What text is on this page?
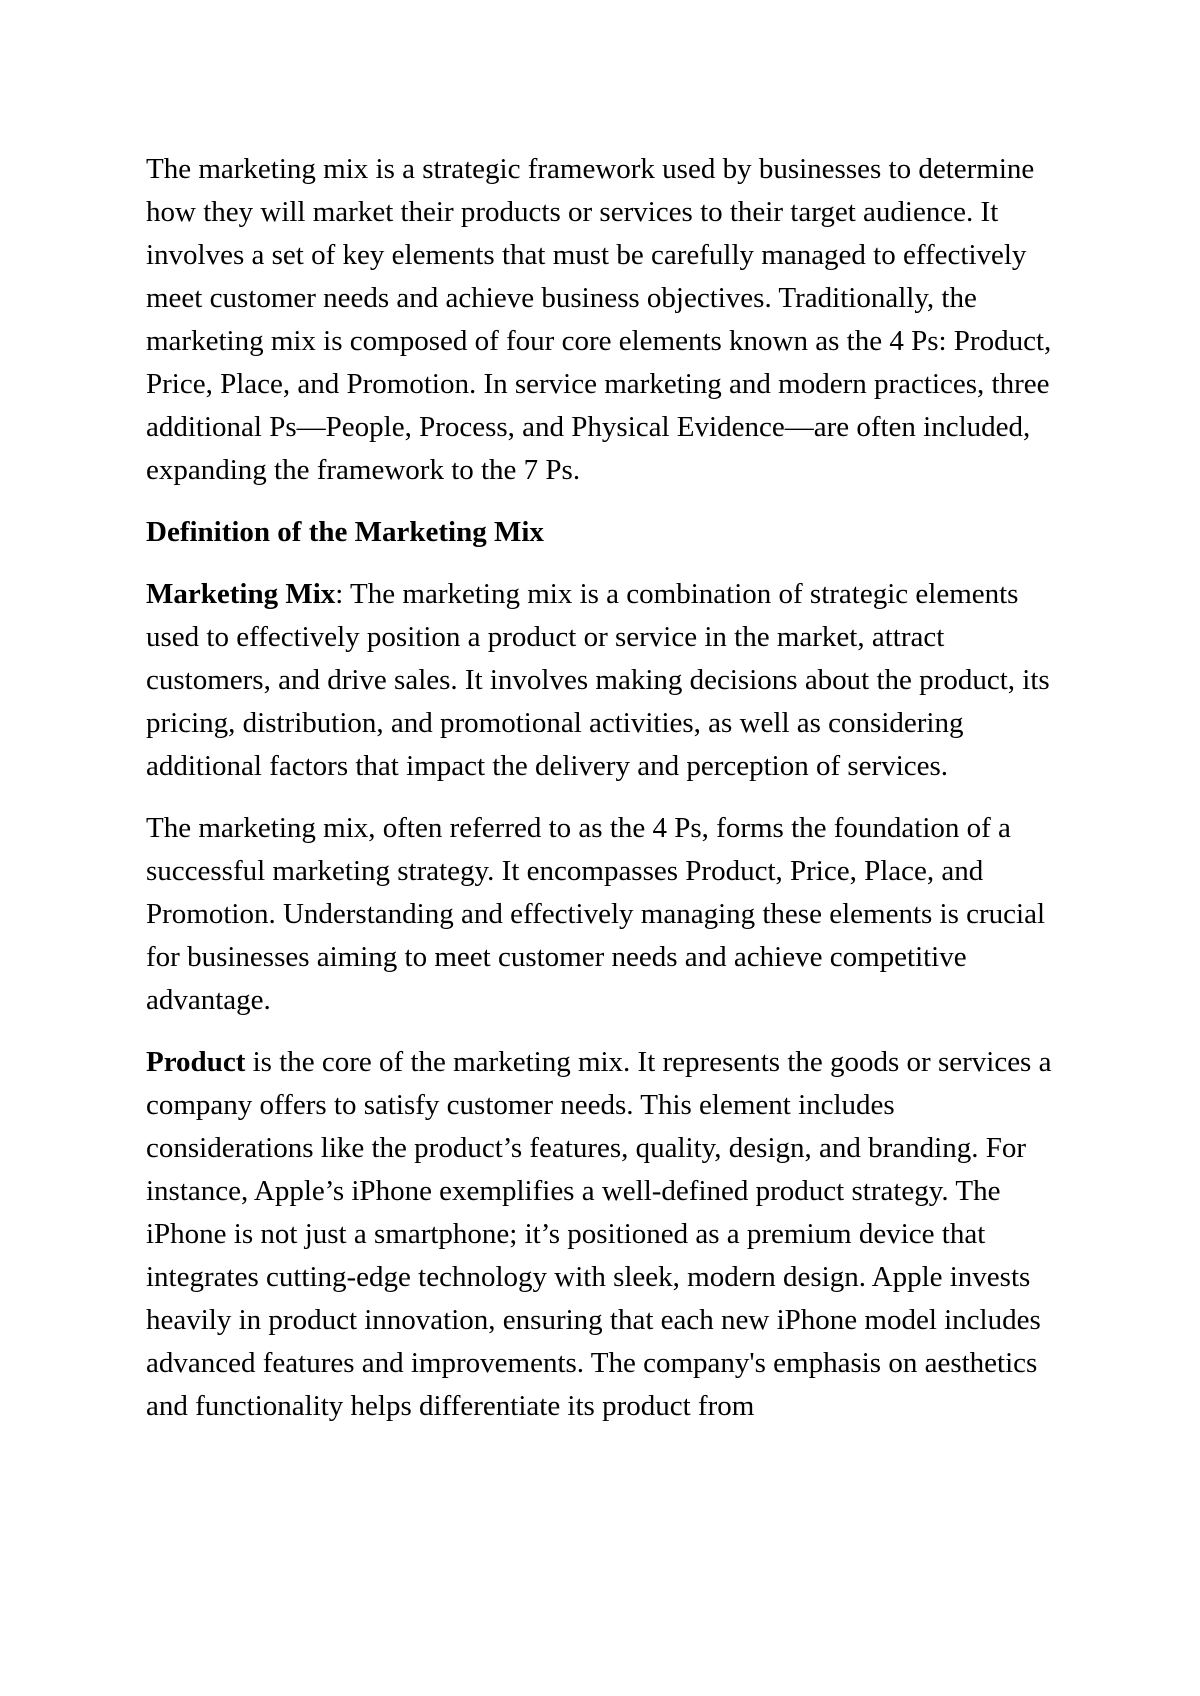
The marketing mix is a strategic framework used by businesses to determine how they will market their products or services to their target audience. It involves a set of key elements that must be carefully managed to effectively meet customer needs and achieve business objectives. Traditionally, the marketing mix is composed of four core elements known as the 4 Ps: Product, Price, Place, and Promotion. In service marketing and modern practices, three additional Ps—People, Process, and Physical Evidence—are often included, expanding the framework to the 7 Ps.

Definition of the Marketing Mix

Marketing Mix: The marketing mix is a combination of strategic elements used to effectively position a product or service in the market, attract customers, and drive sales. It involves making decisions about the product, its pricing, distribution, and promotional activities, as well as considering additional factors that impact the delivery and perception of services.

The marketing mix, often referred to as the 4 Ps, forms the foundation of a successful marketing strategy. It encompasses Product, Price, Place, and Promotion. Understanding and effectively managing these elements is crucial for businesses aiming to meet customer needs and achieve competitive advantage.

Product is the core of the marketing mix. It represents the goods or services a company offers to satisfy customer needs. This element includes considerations like the product’s features, quality, design, and branding. For instance, Apple’s iPhone exemplifies a well-defined product strategy. The iPhone is not just a smartphone; it’s positioned as a premium device that integrates cutting-edge technology with sleek, modern design. Apple invests heavily in product innovation, ensuring that each new iPhone model includes advanced features and improvements. The company's emphasis on aesthetics and functionality helps differentiate its product from
